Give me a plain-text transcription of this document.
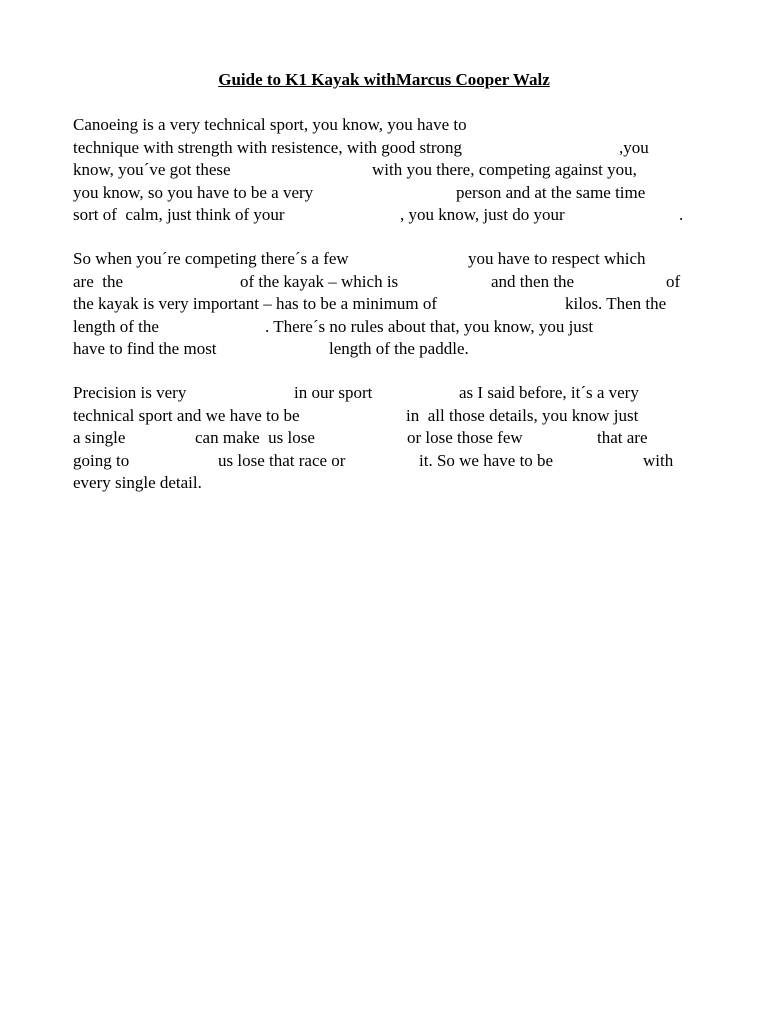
Guide to K1 Kayak withMarcus Cooper Walz

Canoeing is a very technical sport, you know, you have to

technique with strength with resistence, with good strong

	,you

know, you´ve got these

	with you there, competing against you,

you know, so you have to be a very

	person and at the same time

sort of  calm, just think of your

	, you know, just do your

	.

So when you´re competing there´s a few

	you have to respect which

are  the

	of the kayak – which is

	and then the

	of

the kayak is very important – has to be a minimum of

	kilos. Then the

length of the

	. There´s no rules about that, you know, you just

have to find the most

	length of the paddle.

Precision is very

	in our sport

	as I said before, it´s a very

technical sport and we have to be

	in  all those details, you know just

a single

	can make  us lose

	or lose those few

	that are

going to

	us lose that race or

	it. So we have to be

	with

every single detail.
